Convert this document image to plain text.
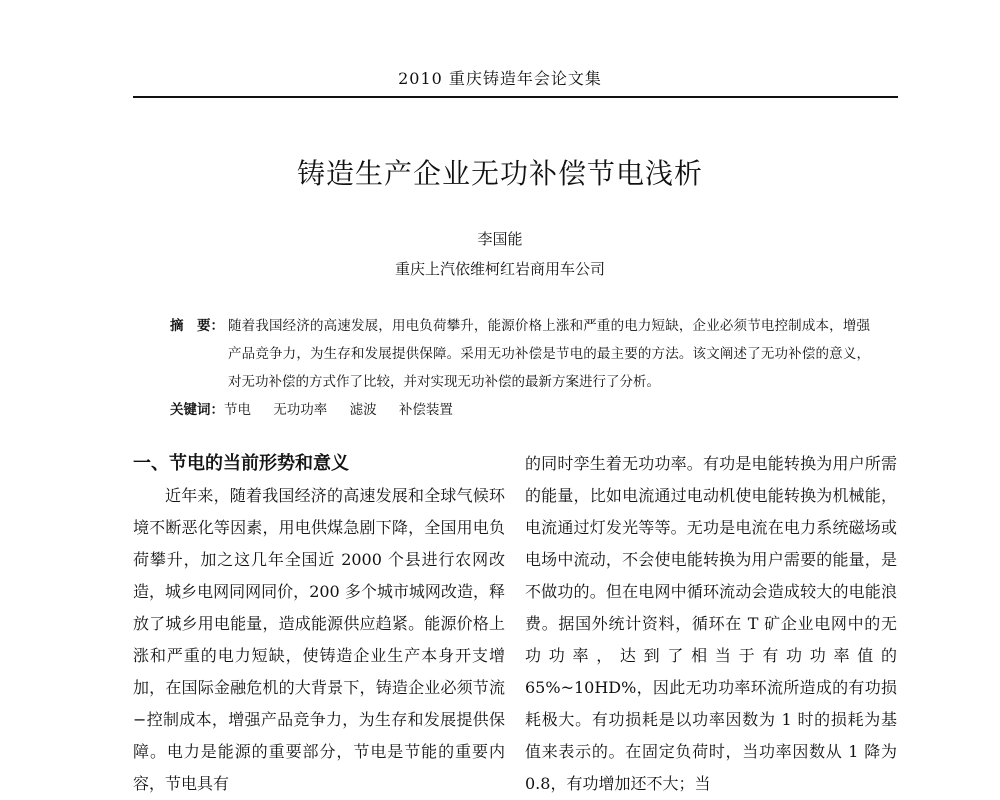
2010 重庆铸造年会论文集
铸造生产企业无功补偿节电浅析
李国能
重庆上汽依维柯红岩商用车公司
摘　要： 随着我国经济的高速发展，用电负荷攀升，能源价格上涨和严重的电力短缺，企业必须节电控制成本，增强产品竞争力，为生存和发展提供保障。采用无功补偿是节电的最主要的方法。该文阐述了无功补偿的意义，对无功补偿的方式作了比较，并对实现无功补偿的最新方案进行了分析。
关键词： 节电 无功功率 滤波 补偿装置
一、节电的当前形势和意义

近年来，随着我国经济的高速发展和全球气候环境不断恶化等因素，用电供煤急剧下降，全国用电负荷攀升，加之这几年全国近 2000 个县进行农网改造，城乡电网同网同价，200 多个城市城网改造，释放了城乡用电能量，造成能源供应趋紧。能源价格上涨和严重的电力短缺，使铸造企业生产本身开支增加，在国际金融危机的大背景下，铸造企业必须节流−控制成本，增强产品竞争力，为生存和发展提供保障。电力是能源的重要部分，节电是节能的重要内容，节电具有

的同时孪生着无功功率。有功是电能转换为用户所需的能量，比如电流通过电动机使电能转换为机械能，电流通过灯发光等等。无功是电流在电力系统磁场或电场中流动，不会使电能转换为用户需要的能量，是不做功的。但在电网中循环流动会造成较大的电能浪费。据国外统计资料，循环在 T 矿企业电网中的无功功率，达到了相当于有功功率值的 65%~10HD%，因此无功功率环流所造成的有功损耗极大。有功损耗是以功率因数为 1 时的损耗为基值来表示的。在固定负荷时，当功率因数从 1 降为 0.8，有功增加还不大；当
